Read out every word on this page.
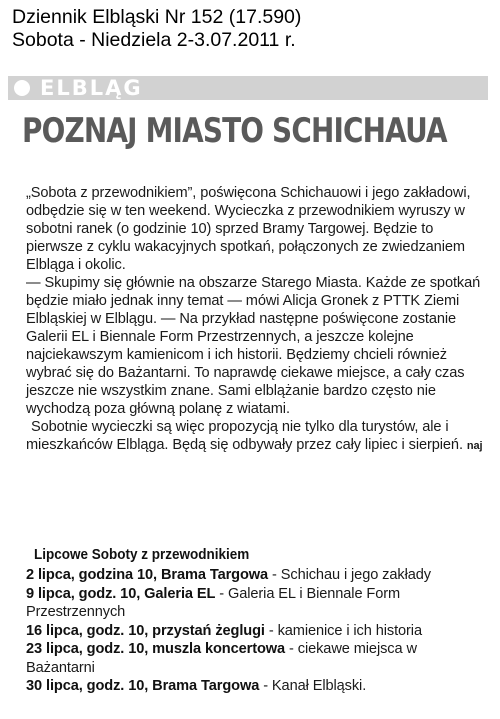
Dziennik Elbląski Nr 152 (17.590)
Sobota - Niedziela 2-3.07.2011 r.
ELBLĄG
POZNAJ MIASTO SCHICHAUA

„Sobota z przewodnikiem”, poświęcona Schichauowi i jego zakładowi, odbędzie się w ten weekend. Wycieczka z przewodnikiem wyruszy w sobotni ranek (o godzinie 10) sprzed Bramy Targowej. Będzie to pierwsze z cyklu wakacyjnych spotkań, połączonych ze zwiedzaniem Elbląga i okolic.

— Skupimy się głównie na obszarze Starego Miasta. Każde ze spotkań będzie miało jednak inny temat — mówi Alicja Gronek z PTTK Ziemi Elbląskiej w Elblągu. — Na przykład następne poświęcone zostanie Galerii EL i Biennale Form Przestrzennych, a jeszcze kolejne najciekawszym kamienicom i ich historii. Będziemy chcieli również wybrać się do Bażantarni. To naprawdę ciekawe miejsce, a cały czas jeszcze nie wszystkim znane. Sami elblążanie bardzo często nie wychodzą poza główną polanę z wiatami.

Sobotnie wycieczki są więc propozycją nie tylko dla turystów, ale i mieszkańców Elbląga. Będą się odbywały przez cały lipiec i sierpień. naj

Lipcowe Soboty z przewodnikiem

2 lipca, godzina 10, Brama Targowa - Schichau i jego zakłady

9 lipca, godz. 10, Galeria EL - Galeria EL i Biennale Form Przestrzennych

16 lipca, godz. 10, przystań żeglugi - kamienice i ich historia

23 lipca, godz. 10, muszla koncertowa - ciekawe miejsca w Bażantarni

30 lipca, godz. 10, Brama Targowa - Kanał Elbląski.
